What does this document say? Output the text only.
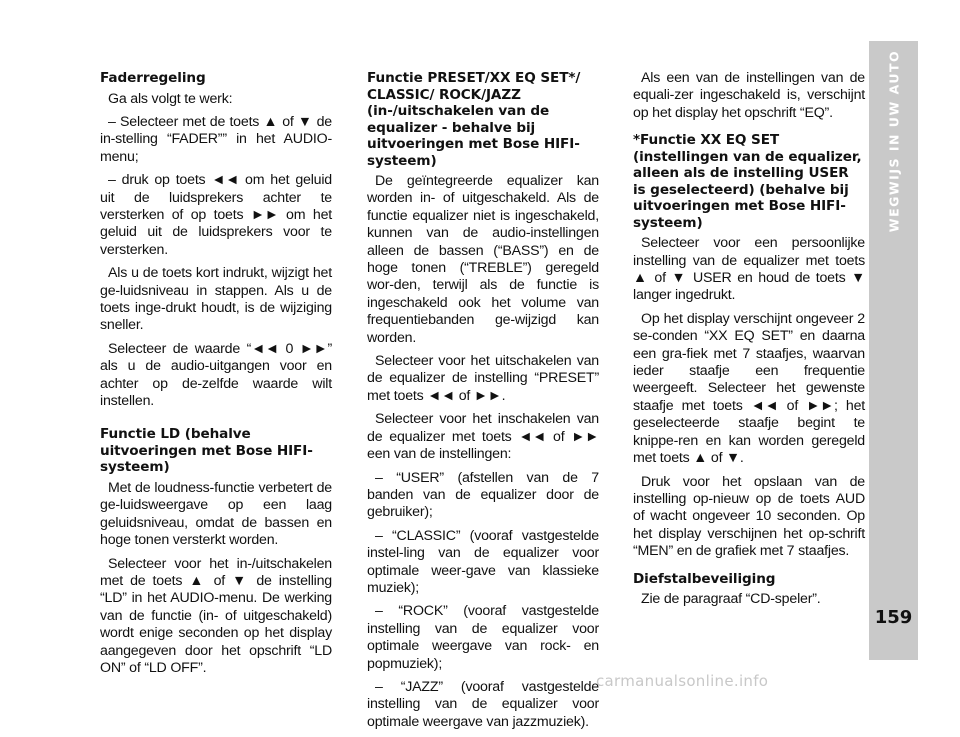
Faderregeling
Ga als volgt te werk:
– Selecteer met de toets ▲ of ▼ de in-stelling “FADER”” in het AUDIO-menu;
– druk op toets ◄◄ om het geluid uit de luidsprekers achter te versterken of op toets ►► om het geluid uit de luidsprekers voor te versterken.
Als u de toets kort indrukt, wijzigt het ge-luidsniveau in stappen. Als u de toets inge-drukt houdt, is de wijziging sneller.
Selecteer de waarde “◄◄ 0 ►►” als u de audio-uitgangen voor en achter op de-zelfde waarde wilt instellen.
Functie LD (behalve uitvoeringen met Bose HIFI-systeem)
Met de loudness-functie verbetert de ge-luidsweergave op een laag geluidsniveau, omdat de bassen en hoge tonen versterkt worden.
Selecteer voor het in-/uitschakelen met de toets ▲ of ▼ de instelling “LD” in het AUDIO-menu. De werking van de functie (in- of uitgeschakeld) wordt enige seconden op het display aangegeven door het opschrift “LD ON” of “LD OFF”.
Functie PRESET/XX EQ SET*/ CLASSIC/ ROCK/JAZZ (in-/uitschakelen van de equalizer - behalve bij uitvoeringen met Bose HIFI-systeem)
De geïntegreerde equalizer kan worden in- of uitgeschakeld. Als de functie equalizer niet is ingeschakeld, kunnen van de audio-instellingen alleen de bassen (“BASS”) en de hoge tonen (“TREBLE”) geregeld wor-den, terwijl als de functie is ingeschakeld ook het volume van frequentiebanden ge-wijzigd kan worden.
Selecteer voor het uitschakelen van de equalizer de instelling “PRESET” met toets ◄◄ of ►►.
Selecteer voor het inschakelen van de equalizer met toets ◄◄ of ►► een van de instellingen:
– “USER” (afstellen van de 7 banden van de equalizer door de gebruiker);
– “CLASSIC” (vooraf vastgestelde instel-ling van de equalizer voor optimale weer-gave van klassieke muziek);
– “ROCK” (vooraf vastgestelde instelling van de equalizer voor optimale weergave van rock- en popmuziek);
– “JAZZ” (vooraf vastgestelde instelling van de equalizer voor optimale weergave van jazzmuziek).
Als een van de instellingen van de equali-zer ingeschakeld is, verschijnt op het display het opschrift “EQ”.
*Functie XX EQ SET (instellingen van de equalizer, alleen als de instelling USER is geselecteerd) (behalve bij uitvoeringen met Bose HIFI-systeem)
Selecteer voor een persoonlijke instelling van de equalizer met toets ▲ of ▼ USER en houd de toets ▼ langer ingedrukt.
Op het display verschijnt ongeveer 2 se-conden “XX EQ SET” en daarna een gra-fiek met 7 staafjes, waarvan ieder staafje een frequentie weergeeft. Selecteer het gewenste staafje met toets ◄◄ of ►►; het geselecteerde staafje begint te knippe-ren en kan worden geregeld met toets ▲ of ▼.
Druk voor het opslaan van de instelling op-nieuw op de toets AUD of wacht ongeveer 10 seconden. Op het display verschijnen het op-schrift “MEN” en de grafiek met 7 staafjes.
Diefstalbeveiliging
Zie de paragraaf “CD-speler”.
WEGWIJS IN UW AUTO
159
carmanualsonline.info
